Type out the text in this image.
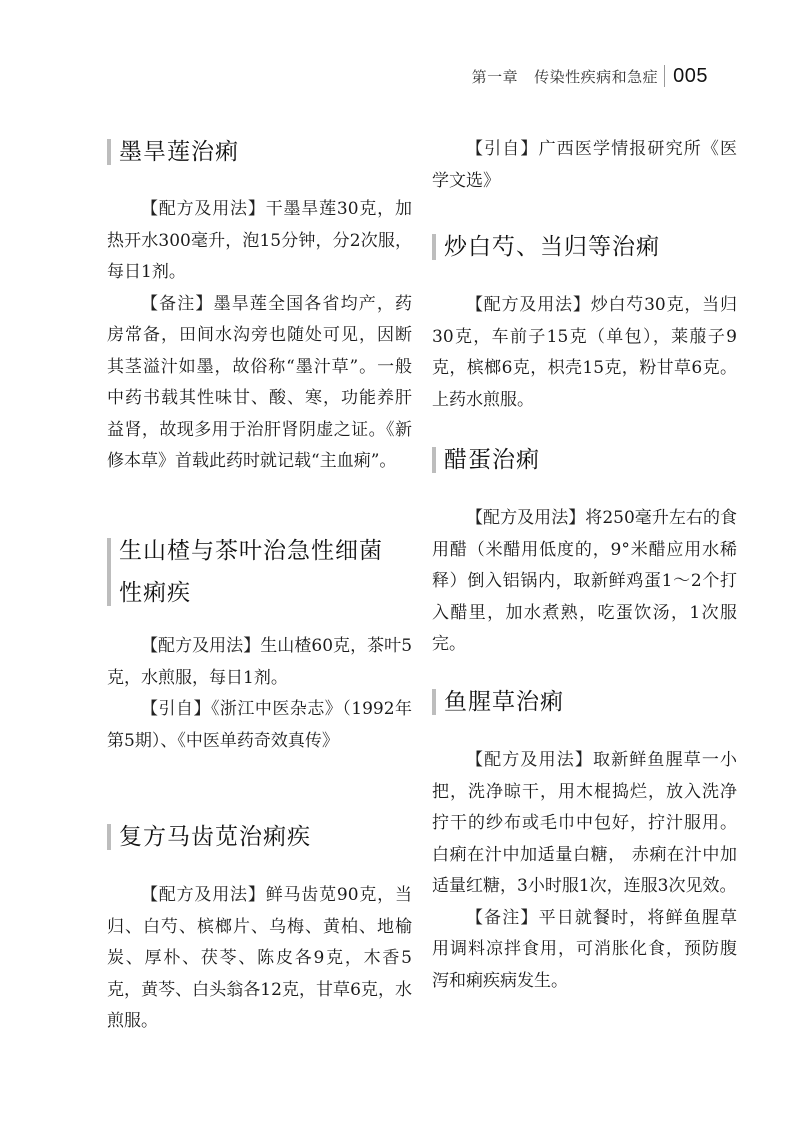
第一章 传染性疾病和急症 005
墨旱莲治痢

【配方及用法】干墨旱莲30克，加热开水300毫升，泡15分钟，分2次服，每日1剂。

【备注】墨旱莲全国各省均产，药房常备，田间水沟旁也随处可见，因断其茎溢汁如墨，故俗称“墨汁草”。一般中药书载其性味甘、酸、寒，功能养肝益肾，故现多用于治肝肾阴虚之证。《新修本草》首载此药时就记载“主血痢”。

生山楂与茶叶治急性细菌
性痢疾

【配方及用法】生山楂60克，茶叶5克，水煎服，每日1剂。

【引自】《浙江中医杂志》（1992年第5期）、《中医单药奇效真传》

复方马齿苋治痢疾

【配方及用法】鲜马齿苋90克，当归、白芍、槟榔片、乌梅、黄柏、地榆炭、厚朴、茯苓、陈皮各9克，木香5克，黄芩、白头翁各12克，甘草6克，水煎服。

【引自】广西医学情报研究所《医学文选》

炒白芍、当归等治痢

【配方及用法】炒白芍30克，当归30克，车前子15克（单包），莱菔子9克，槟榔6克，枳壳15克，粉甘草6克。上药水煎服。

醋蛋治痢

【配方及用法】将250毫升左右的食用醋（米醋用低度的，9°米醋应用水稀释）倒入铝锅内，取新鲜鸡蛋1～2个打入醋里，加水煮熟，吃蛋饮汤，1次服完。

鱼腥草治痢

【配方及用法】取新鲜鱼腥草一小把，洗净晾干，用木棍捣烂，放入洗净拧干的纱布或毛巾中包好，拧汁服用。白痢在汁中加适量白糖， 赤痢在汁中加适量红糖，3小时服1次，连服3次见效。

【备注】平日就餐时，将鲜鱼腥草用调料凉拌食用，可消胀化食，预防腹泻和痢疾病发生。
